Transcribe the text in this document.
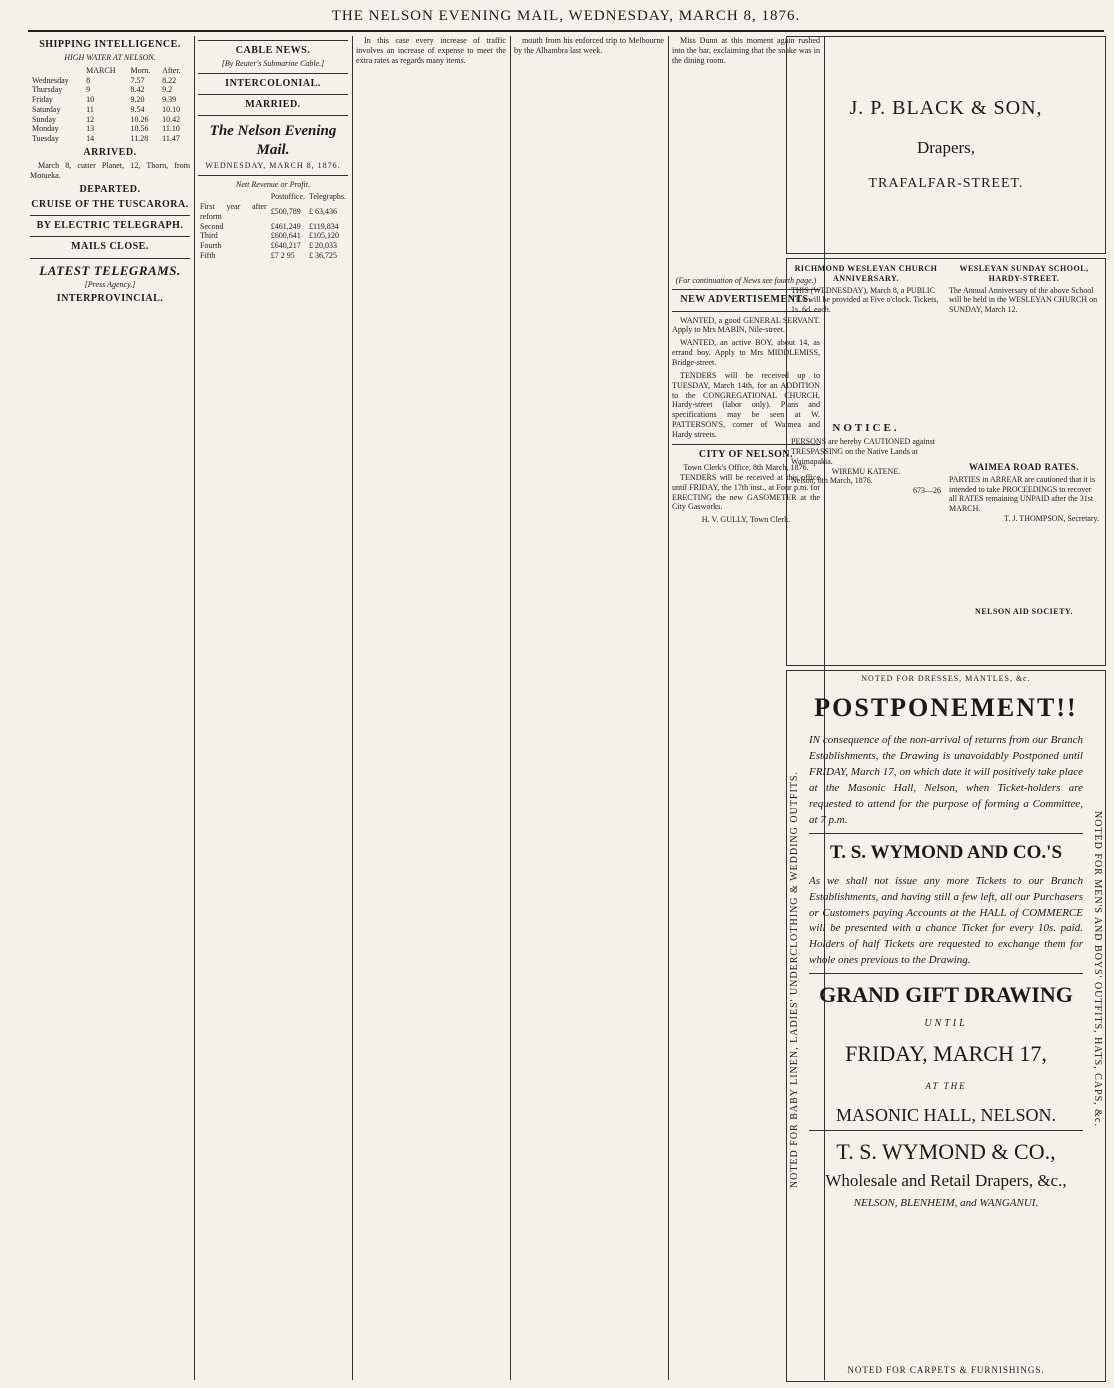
THE NELSON EVENING MAIL, WEDNESDAY, MARCH 8, 1876.
SHIPPING INTELLIGENCE.
HIGH WATER AT NELSON.
	MARCH	Morn.	After.
Wednesday	8	7.57	8.22
Thursday	9	8.42	9.2
Friday	10	9.20	9.39
Saturday	11	9.54	10.10
Sunday	12	10.26	10.42
Monday	13	10.56	11.10
Tuesday	14	11.28	11.47
ARRIVED.

March 8, cutter Planet, 12, Thorn, from Motueka.

DEPARTED.
CRUISE OF THE TUSCARORA.
BY ELECTRIC TELEGRAPH.
MAILS CLOSE.
LATEST TELEGRAMS.
[Press Agency.]
INTERPROVINCIAL.
CABLE NEWS.
[By Reuter's Submarine Cable.]
INTERCOLONIAL.
MARRIED.
The Nelson Evening Mail.
WEDNESDAY, MARCH 8, 1876.
Nett Revenue or Profit.
	Postoffice.	Telegraphs.
First year after reform	£500,789	£ 63,436
Second	£461,249	£119,834
Third	£600,641	£105,120
Fourth	£640,217	£ 20,033
Fifth	£7 2 95	£ 36,725

In this case every increase of traffic involves an increase of expense to meet the extra rates as regards many items.

mouth from his enforced trip to Melbourne by the Alhambra last week.

Miss Dunn at this moment again rushed into the bar, exclaiming that the snake was in the dining room.

(For continuation of News see fourth page.)
NEW ADVERTISEMENTS.

WANTED, a good GENERAL SERVANT. Apply to Mrs MABIN, Nile-street.

WANTED, an active BOY, about 14, as errand boy. Apply to Mrs MIDDLEMISS, Bridge-street.

TENDERS will be received up to TUESDAY, March 14th, for an ADDITION to the CONGREGATIONAL CHURCH, Hardy-street (labor only). Plans and specifications may be seen at W. PATTERSON'S, corner of Waimea and Hardy streets.

CITY OF NELSON.
Town Clerk's Office, 8th March, 1876.

TENDERS will be received at this office until FRIDAY, the 17th inst., at Four p.m. for ERECTING the new GASOMETER at the City Gasworks.

H. V. GULLY, Town Clerk.
J. P. BLACK & SON,
Drapers,
TRAFALFAR-STREET.
RICHMOND WESLEYAN CHURCH ANNIVERSARY.
THIS (WEDNESDAY), March 8, a PUBLIC TEA will be provided at Five o'clock. Tickets, 1s. 6d. each.
WESLEYAN SUNDAY SCHOOL, HARDY-STREET.
The Annual Anniversary of the above School will be held in the WESLEYAN CHURCH on SUNDAY, March 12.
NOTICE.
PERSONS are hereby CAUTIONED against TRESPASSING on the Native Lands at Waimapakia.
WIREMU KATENE.
Nelson, 8th March, 1876.
673—26
WAIMEA ROAD RATES.
PARTIES in ARREAR are cautioned that it is intended to take PROCEEDINGS to recover all RATES remaining UNPAID after the 31st MARCH.
T. J. THOMPSON, Secretary.
NELSON AID SOCIETY.
NOTED FOR DRESSES, MANTLES, &c.
NOTED FOR BABY LINEN, LADIES' UNDERCLOTHING & WEDDING OUTFITS.	NOTED FOR MEN'S AND BOYS' OUTFITS, HATS, CAPS, &c.
POSTPONEMENT!!
IN consequence of the non-arrival of returns from our Branch Establishments, the Drawing is unavoidably Postponed until FRIDAY, March 17, on which date it will positively take place at the Masonic Hall, Nelson, when Ticket-holders are requested to attend for the purpose of forming a Committee, at 7 p.m.
T. S. WYMOND AND CO.'S
As we shall not issue any more Tickets to our Branch Establishments, and having still a few left, all our Purchasers or Customers paying Accounts at the HALL of COMMERCE will be presented with a chance Ticket for every 10s. paid. Holders of half Tickets are requested to exchange them for whole ones previous to the Drawing.
GRAND GIFT DRAWING
UNTIL
FRIDAY, MARCH 17,
AT THE
MASONIC HALL, NELSON.
T. S. WYMOND & CO.,
Wholesale and Retail Drapers, &c.,
NELSON, BLENHEIM, and WANGANUI.
NOTED FOR CARPETS & FURNISHINGS.
